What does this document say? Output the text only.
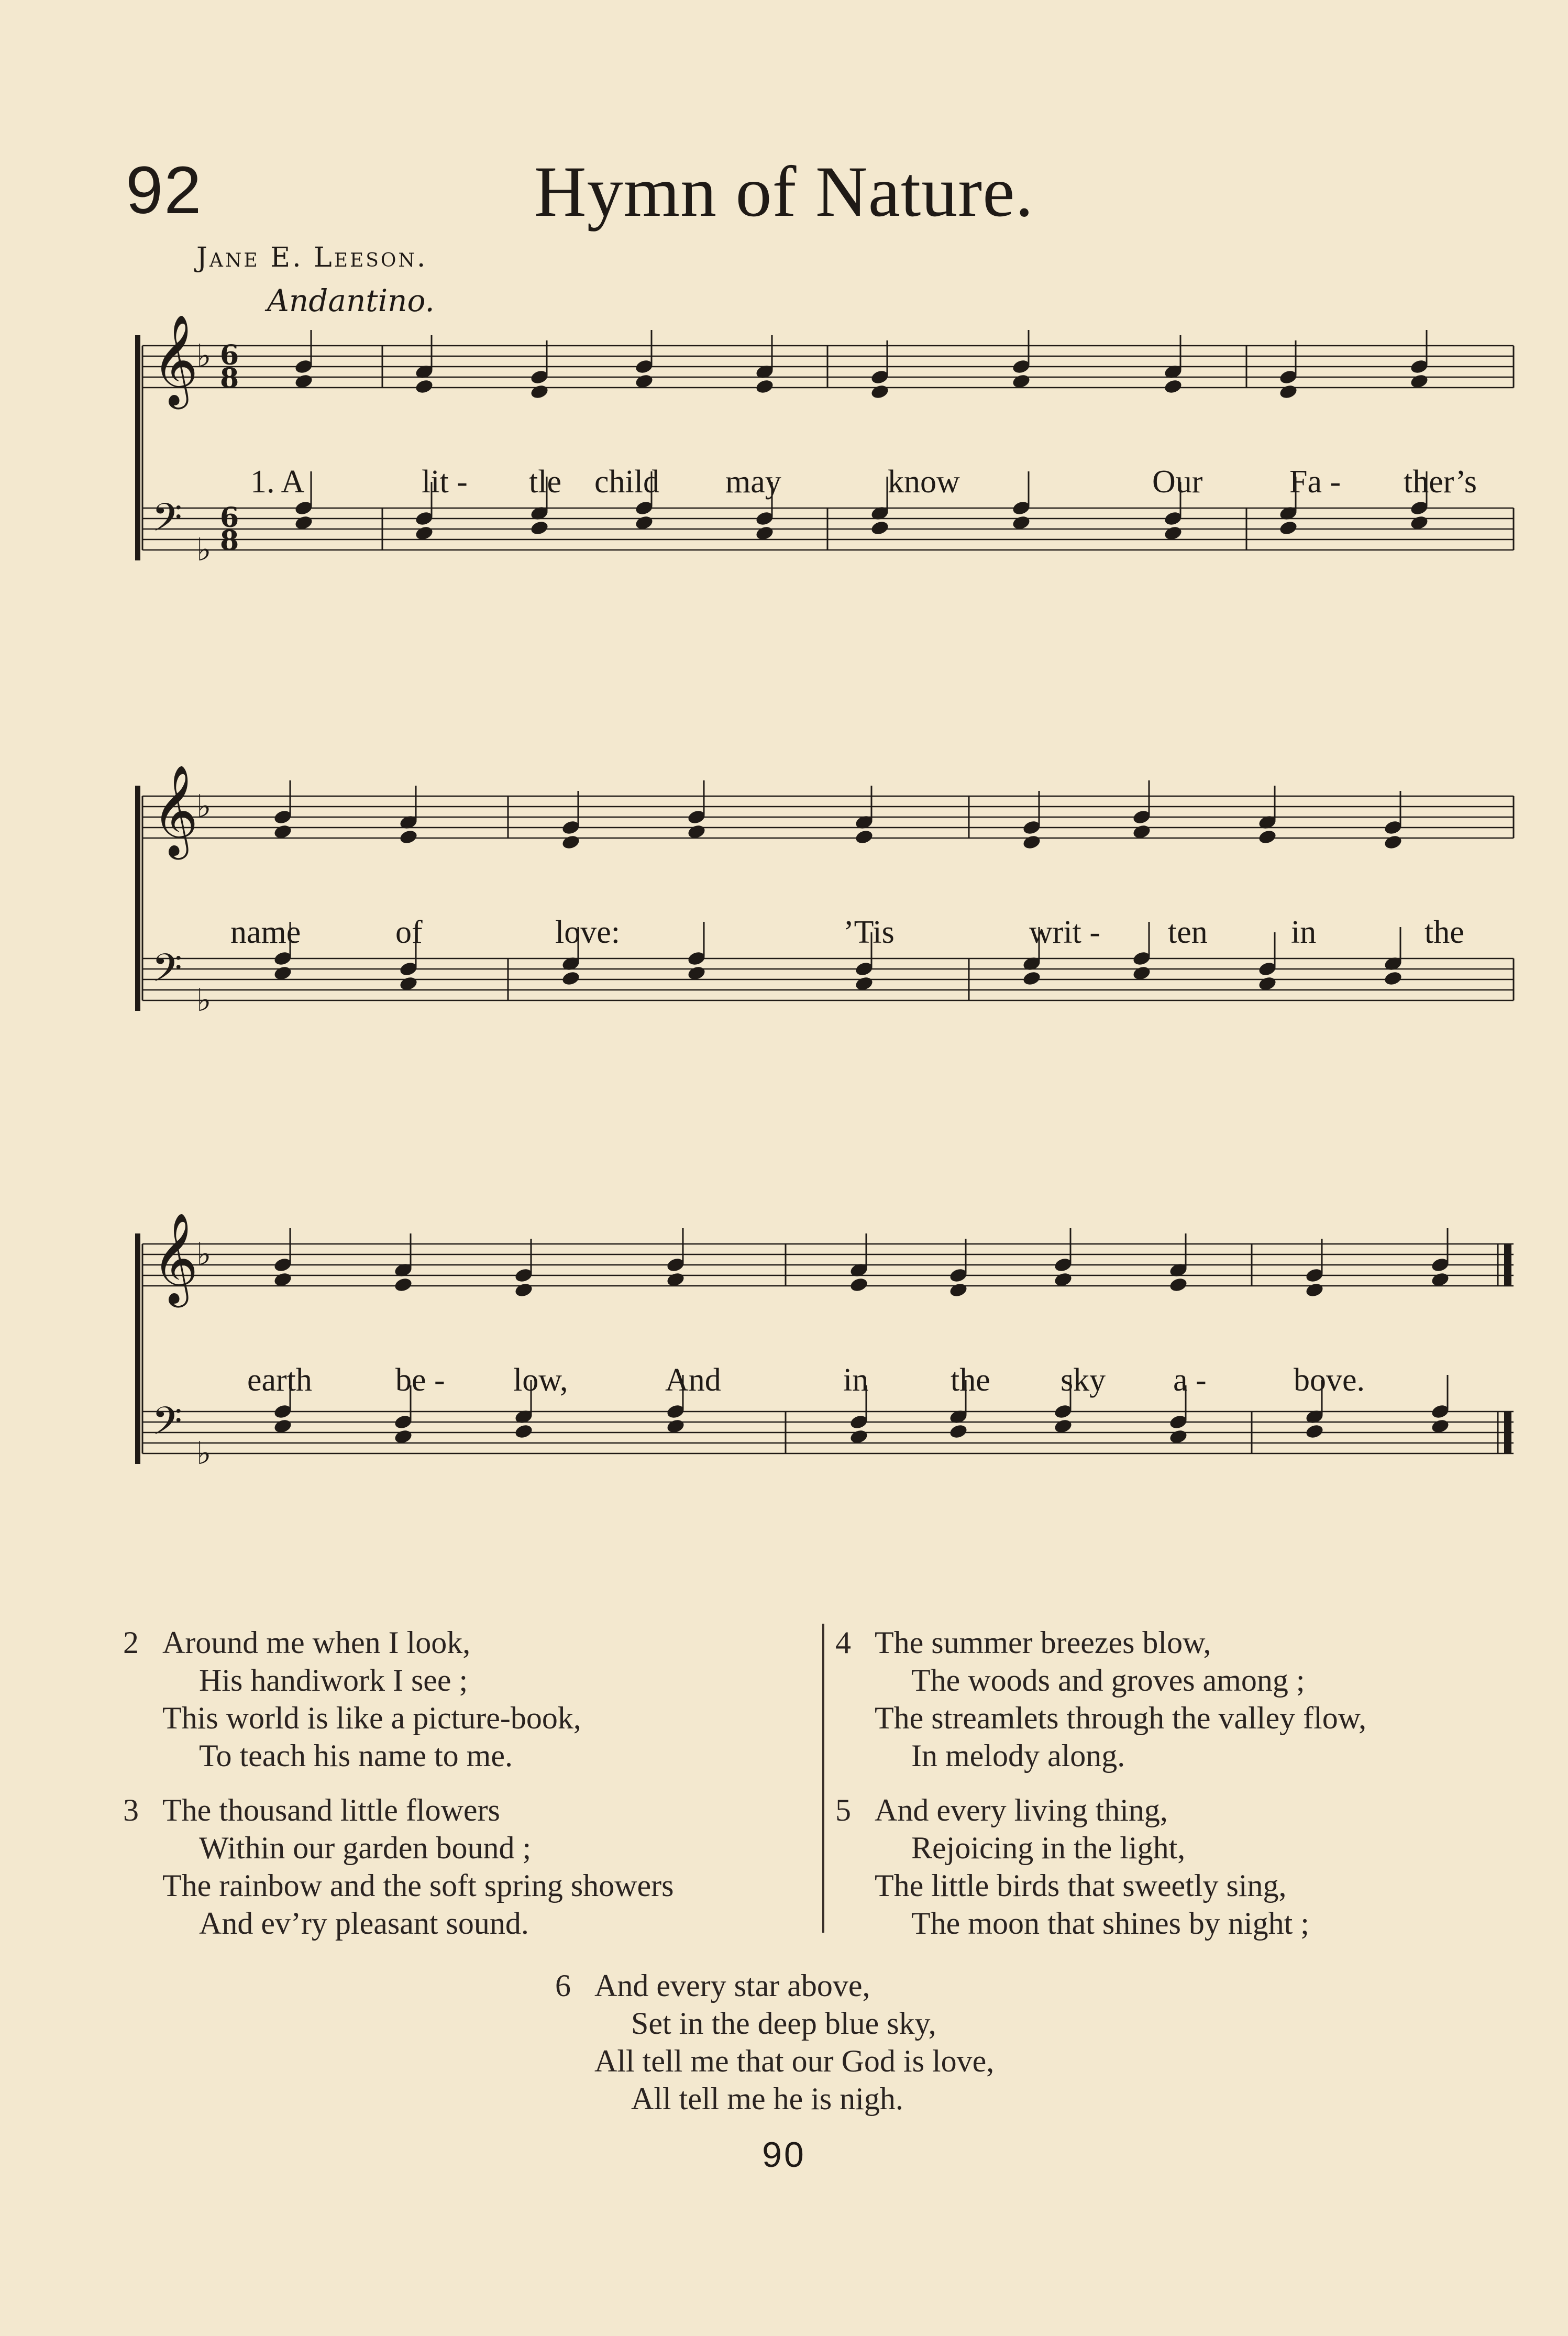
92	Hymn of Nature.
Jane E. Leeson.
Andantino.
𝄞
♭ 6
8
𝄢 ♭
6
8
1. A	lit - tle child may	know	Our	Fa - ther’s
𝄞
♭
𝄢 ♭
name	of	love:	’Tis	writ - ten	in	the
𝄞
♭
𝄢 ♭
earth	be - low,	And	in	the sky a -	bove.
2 Around me when I look,
His handiwork I see ;
This world is like a picture-book,
To teach his name to me.
3 The thousand little flowers
Within our garden bound ;
The rainbow and the soft spring showers
And ev’ry pleasant sound.
4 The summer breezes blow,
The woods and groves among ;
The streamlets through the valley flow,
In melody along.
5 And every living thing,
Rejoicing in the light,
The little birds that sweetly sing,
The moon that shines by night ;
6 And every star above,
Set in the deep blue sky,
All tell me that our God is love,
All tell me he is nigh.
90
